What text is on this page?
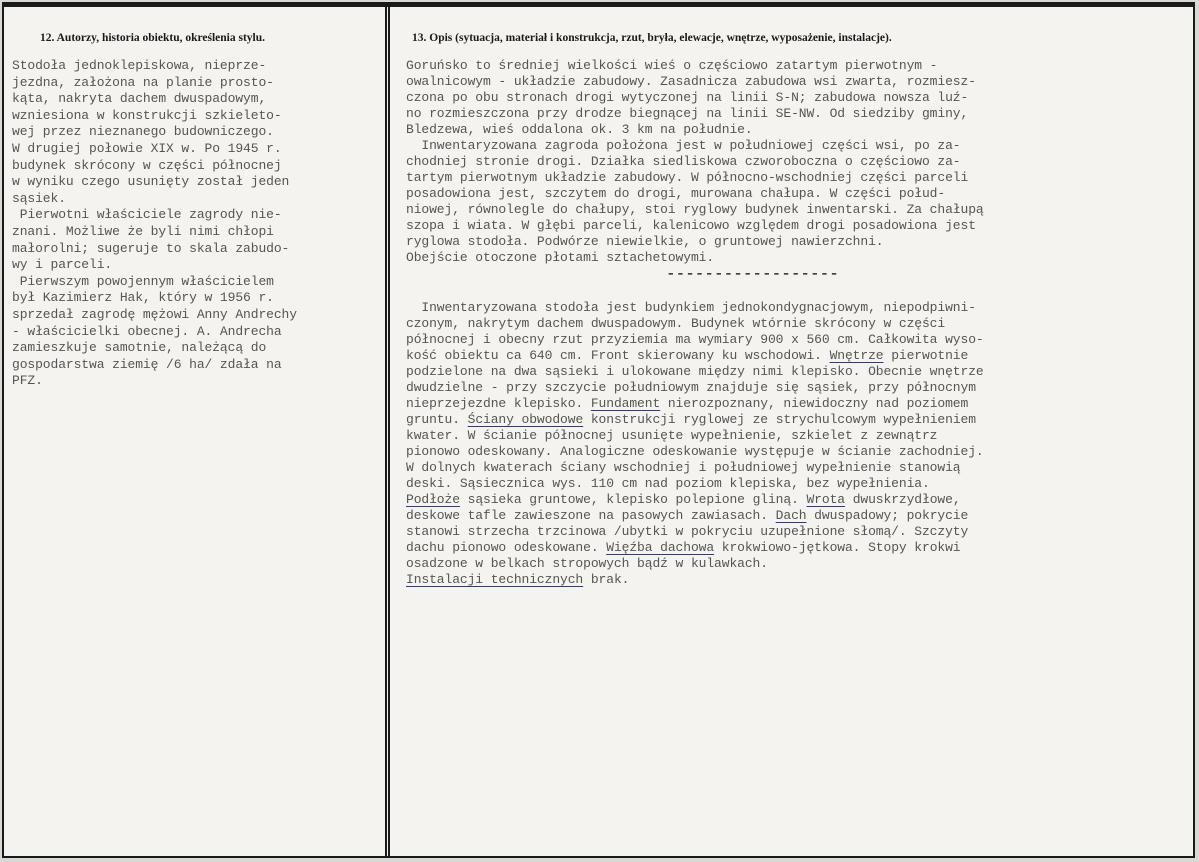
12. Autorzy, historia obiektu, określenia stylu.
Stodoła jednoklepiskowa, nieprze-
jezdna, założona na planie prosto-
kąta, nakryta dachem dwuspadowym,
wzniesiona w konstrukcji szkieleto-
wej przez nieznanego budowniczego.
W drugiej połowie XIX w. Po 1945 r.
budynek skrócony w części północnej
w wyniku czego usunięty został jeden
sąsiek.
Pierwotni właściciele zagrody nie-
znani. Możliwe że byli nimi chłopi
małorolni; sugeruje to skala zabudo-
wy i parceli.
Pierwszym powojennym właścicielem
był Kazimierz Hak, który w 1956 r.
sprzedał zagrodę mężowi Anny Andrechy
- właścicielki obecnej. A. Andrecha
zamieszkuje samotnie, należącą do
gospodarstwa ziemię /6 ha/ zdała na
PFZ.
13. Opis (sytuacja, materiał i konstrukcja, rzut, bryła, elewacje, wnętrze, wyposażenie, instalacje).
Goruńsko to średniej wielkości wieś o częściowo zatartym pierwotnym -
owalnicowym - układzie zabudowy. Zasadnicza zabudowa wsi zwarta, rozmiesz-
czona po obu stronach drogi wytyczonej na linii S-N; zabudowa nowsza luź-
no rozmieszczona przy drodze biegnącej na linii SE-NW. Od siedziby gminy,
Bledzewa, wieś oddalona ok. 3 km na południe.
Inwentaryzowana zagroda położona jest w południowej części wsi, po za-
chodniej stronie drogi. Działka siedliskowa czworoboczna o częściowo za-
tartym pierwotnym układzie zabudowy. W północno-wschodniej części parceli
posadowiona jest, szczytem do drogi, murowana chałupa. W części połud-
niowej, równolegle do chałupy, stoi ryglowy budynek inwentarski. Za chałupą
szopa i wiata. W głębi parceli, kalenicowo względem drogi posadowiona jest
ryglowa stodoła. Podwórze niewielkie, o gruntowej nawierzchni.
Obejście otoczone płotami sztachetowymi.
------------------
Inwentaryzowana stodoła jest budynkiem jednokondygnacjowym, niepodpiwni-
czonym, nakrytym dachem dwuspadowym. Budynek wtórnie skrócony w części
północnej i obecny rzut przyziemia ma wymiary 900 x 560 cm. Całkowita wyso-
kość obiektu ca 640 cm. Front skierowany ku wschodowi. Wnętrze pierwotnie
podzielone na dwa sąsieki i ulokowane między nimi klepisko. Obecnie wnętrze
dwudzielne - przy szczycie południowym znajduje się sąsiek, przy północnym
nieprzejezdne klepisko. Fundament nierozpoznany, niewidoczny nad poziomem
gruntu. Ściany obwodowe konstrukcji ryglowej ze strychulcowym wypełnieniem
kwater. W ścianie północnej usunięte wypełnienie, szkielet z zewnątrz
pionowo odeskowany. Analogiczne odeskowanie występuje w ścianie zachodniej.
W dolnych kwaterach ściany wschodniej i południowej wypełnienie stanowią
deski. Sąsiecznica wys. 110 cm nad poziom klepiska, bez wypełnienia.
Podłoże sąsieka gruntowe, klepisko polepione gliną. Wrota dwuskrzydłowe,
deskowe tafle zawieszone na pasowych zawiasach. Dach dwuspadowy; pokrycie
stanowi strzecha trzcinowa /ubytki w pokryciu uzupełnione słomą/. Szczyty
dachu pionowo odeskowane. Więźba dachowa krokwiowo-jętkowa. Stopy krokwi
osadzone w belkach stropowych bądź w kulawkach.
Instalacji technicznych brak.
